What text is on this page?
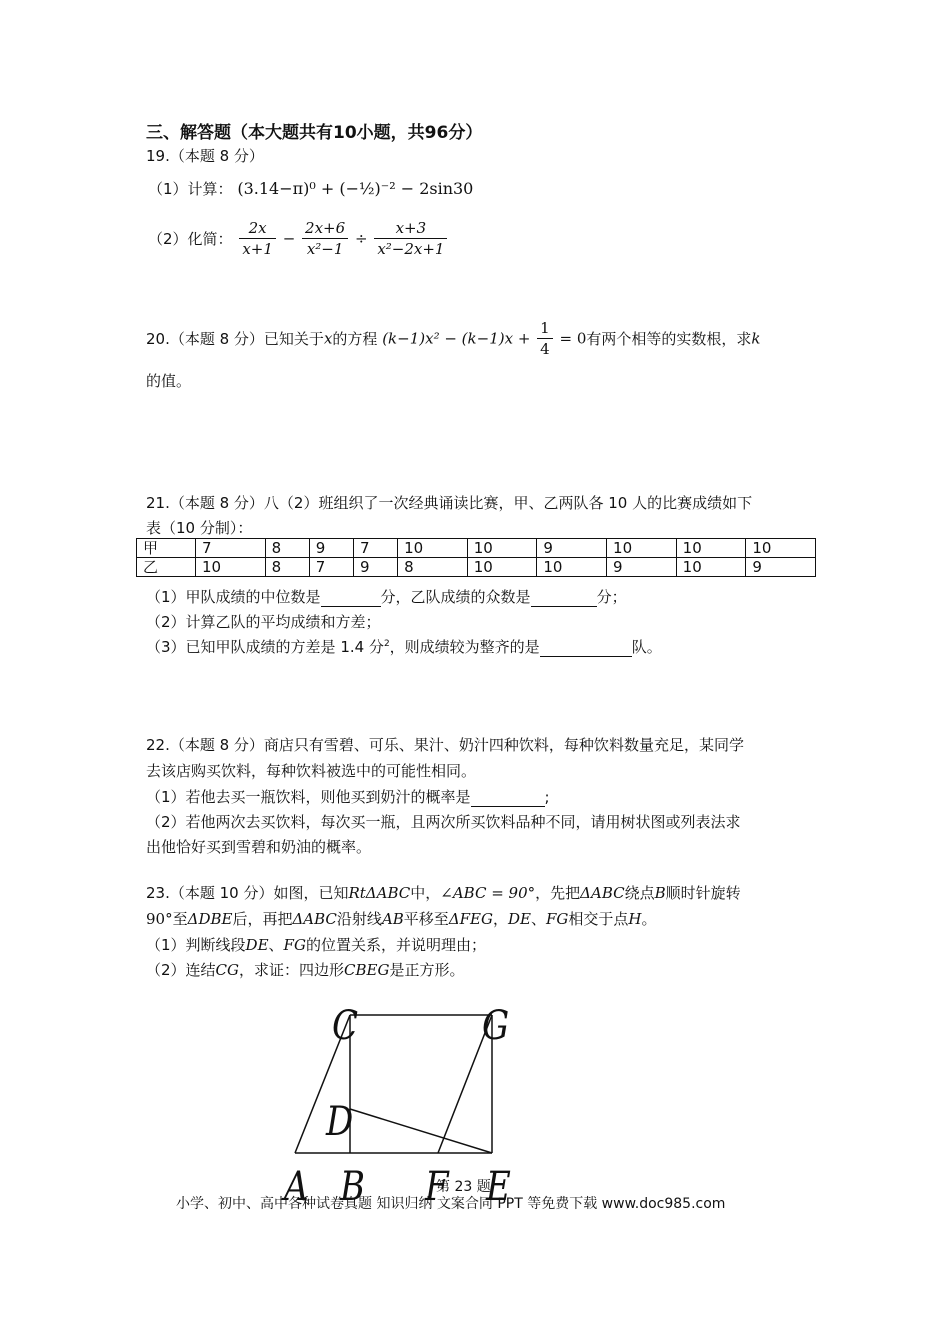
三、解答题（本大题共有10小题，共96分）
19.（本题 8 分）
（1）计算： (3.14−π)⁰ + (−½)⁻² − 2sin30
（2）化简： $\frac{2x}{x+1} - \frac{2x+6}{\text{x²−1}} \div \frac{x+3}{\text{x²−2x+1}}$
20.（本题 8 分）已知关于x的方程 $(k-1)x^2 - (k-1)x + \frac{1}{4} = 0$有两个相等的实数根，求k
的值。
21.（本题 8 分）八（2）班组织了一次经典诵读比赛，甲、乙两队各 10 人的比赛成绩如下
表（10 分制）：
甲	7	8	9	7	10	10	9	10	10	10
乙	10	8	7	9	8	10	10	9	10	9
（1）甲队成绩的中位数是	分，乙队成绩的众数是	分；
（2）计算乙队的平均成绩和方差；
（3）已知甲队成绩的方差是 1.4 分$^2$，则成绩较为整齐的是	队。
22.（本题 8 分）商店只有雪碧、可乐、果汁、奶汁四种饮料，每种饮料数量充足，某同学
去该店购买饮料，每种饮料被选中的可能性相同。
（1）若他去买一瓶饮料，则他买到奶汁的概率是	;
（2）若他两次去买饮料，每次买一瓶，且两次所买饮料品种不同，请用树状图或列表法求
出他恰好买到雪碧和奶油的概率。
23.（本题 10 分）如图，已知RtΔABC中，∠ABC = 90°，先把ΔABC绕点B顺时针旋转
90°至ΔDBE后，再把ΔABC沿射线AB平移至ΔFEG，DE、FG相交于点H。
（1）判断线段DE、FG的位置关系，并说明理由；
（2）连结CG，求证：四边形CBEG是正方形。
C	G
D
A B F E
第 23 题
小学、初中、高中各种试卷真题 知识归纳 文案合同 PPT 等免费下载 www.doc985.com
